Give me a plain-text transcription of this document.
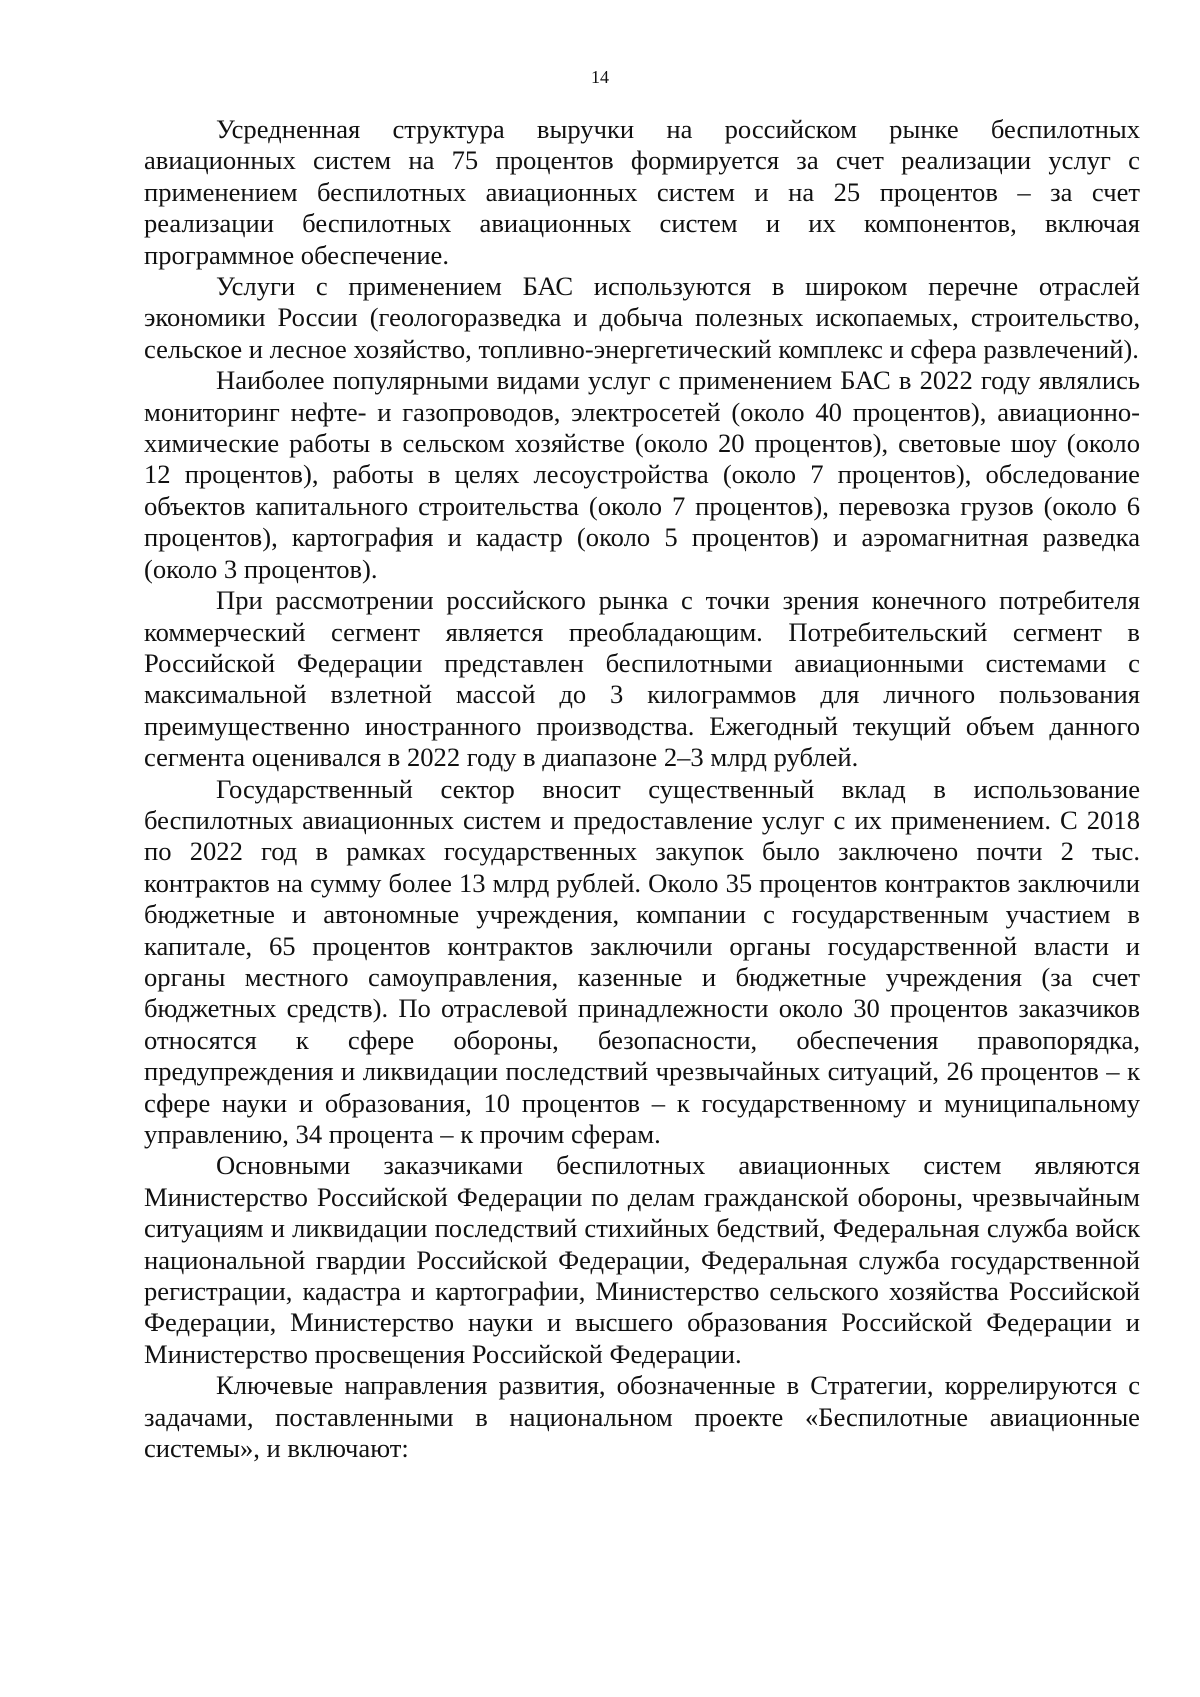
14

Усредненная структура выручки на российском рынке беспилотных авиационных систем на 75 процентов формируется за счет реализации услуг с применением беспилотных авиационных систем и на 25 процентов – за счет реализации беспилотных авиационных систем и их компонентов, включая программное обеспечение.

Услуги с применением БАС используются в широком перечне отраслей экономики России (геологоразведка и добыча полезных ископаемых, строительство, сельское и лесное хозяйство, топливно-энергетический комплекс и сфера развлечений).

Наиболее популярными видами услуг с применением БАС в 2022 году являлись мониторинг нефте- и газопроводов, электросетей (около 40 процентов), авиационно-химические работы в сельском хозяйстве (около 20 процентов), световые шоу (около 12 процентов), работы в целях лесоустройства (около 7 процентов), обследование объектов капитального строительства (около 7 процентов), перевозка грузов (около 6 процентов), картография и кадастр (около 5 процентов) и аэромагнитная разведка (около 3 процентов).

При рассмотрении российского рынка с точки зрения конечного потребителя коммерческий сегмент является преобладающим. Потребительский сегмент в Российской Федерации представлен беспилотными авиационными системами с максимальной взлетной массой до 3 килограммов для личного пользования преимущественно иностранного производства. Ежегодный текущий объем данного сегмента оценивался в 2022 году в диапазоне 2–3 млрд рублей.

Государственный сектор вносит существенный вклад в использование беспилотных авиационных систем и предоставление услуг с их применением. С 2018 по 2022 год в рамках государственных закупок было заключено почти 2 тыс. контрактов на сумму более 13 млрд рублей. Около 35 процентов контрактов заключили бюджетные и автономные учреждения, компании с государственным участием в капитале, 65 процентов контрактов заключили органы государственной власти и органы местного самоуправления, казенные и бюджетные учреждения (за счет бюджетных средств). По отраслевой принадлежности около 30 процентов заказчиков относятся к сфере обороны, безопасности, обеспечения правопорядка, предупреждения и ликвидации последствий чрезвычайных ситуаций, 26 процентов – к сфере науки и образования, 10 процентов – к государственному и муниципальному управлению, 34 процента – к прочим сферам.

Основными заказчиками беспилотных авиационных систем являются Министерство Российской Федерации по делам гражданской обороны, чрезвычайным ситуациям и ликвидации последствий стихийных бедствий, Федеральная служба войск национальной гвардии Российской Федерации, Федеральная служба государственной регистрации, кадастра и картографии, Министерство сельского хозяйства Российской Федерации, Министерство науки и высшего образования Российской Федерации и Министерство просвещения Российской Федерации.

Ключевые направления развития, обозначенные в Стратегии, коррелируются с задачами, поставленными в национальном проекте «Беспилотные авиационные системы», и включают:
